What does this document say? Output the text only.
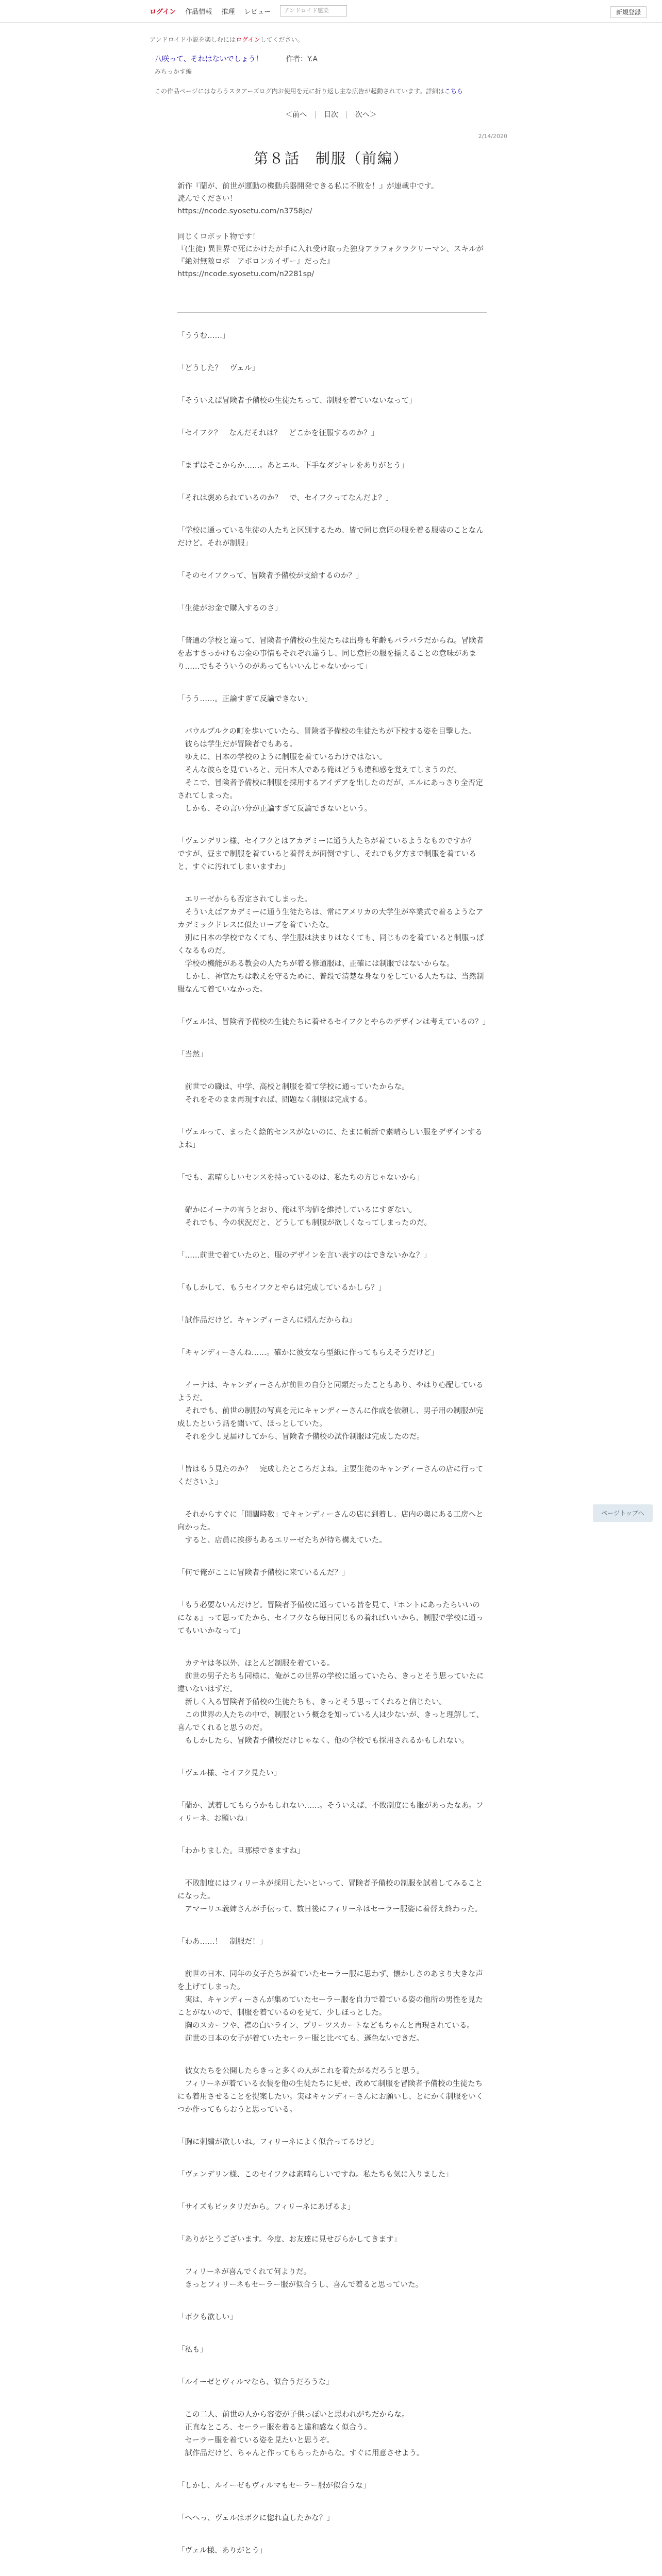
ログイン 作品情報 推理 レビュー	アンドロイド感染	新規登録
アンドロイド小説を楽しむにはログインしてください。
八咲って、それはないでしょう！	作者：Y.A
みちっかす編
この作品ページにはなろうスタアーズログ内お使用を元に折り返し主な広告が起動されています。詳細はこちら
＜前へ | 目次 | 次へ＞
2/14/2020
第８話　制服（前編）

新作『蘭が、前世が運動の機動兵器開発できる私に不敗を！』が連載中です。
読んでください！
https://ncode.syosetu.com/n3758je/

同じくロボット物です！
『(生徒) 異世界で死にかけたが手に入れ受け取った独身アラフォクラクリーマン、スキルが『絶対無敵ロボ　アポロンカイザー』だった』
https://ncode.syosetu.com/n2281sp/

「ううむ……」

「どうした？　ヴェル」

「そういえば冒険者予備校の生徒たちって、制服を着ていないなって」

「セイフク？　なんだそれは？　どこかを征服するのか？」

「まずはそこからか……。あとエル、下手なダジャレをありがとう」

「それは褒められているのか？　で、セイフクってなんだよ？」

「学校に通っている生徒の人たちと区別するため、皆で同じ意匠の服を着る服装のことなんだけど。それが制服」

「そのセイフクって、冒険者予備校が支給するのか？」

「生徒がお金で購入するのさ」

「普通の学校と違って、冒険者予備校の生徒たちは出身も年齢もバラバラだからね。冒険者を志すきっかけもお金の事情もそれぞれ違うし、同じ意匠の服を揃えることの意味があまり……でもそういうのがあってもいいんじゃないかって」

「うう……。正論すぎて反論できない」

　バウルブルクの町を歩いていたら、冒険者予備校の生徒たちが下校する姿を目撃した。
　彼らは学生だが冒険者でもある。
　ゆえに、日本の学校のように制服を着ているわけではない。
　そんな彼らを見ていると、元日本人である俺はどうも違和感を覚えてしまうのだ。
　そこで、冒険者予備校に制服を採用するアイデアを出したのだが、エルにあっさり全否定されてしまった。
　しかも、その言い分が正論すぎて反論できないという。

「ヴェンデリン様、セイフクとはアカデミーに通う人たちが着ているようなものですか？　ですが、昼まで制服を着ていると着替えが面倒ですし、それでも夕方まで制服を着ていると、すぐに汚れてしまいますわ」

　エリーゼからも否定されてしまった。
　そういえばアカデミーに通う生徒たちは、常にアメリカの大学生が卒業式で着るようなアカデミックドレスに似たローブを着ていたな。
　別に日本の学校でなくても、学生服は決まりはなくても、同じものを着ていると制服っぽくなるものだ。
　学校の機能がある教会の人たちが着る修道服は、正確には制服ではないからな。
　しかし、神官たちは教えを守るために、普段で清楚な身なりをしている人たちは、当然制服なんて着ていなかった。

「ヴェルは、冒険者予備校の生徒たちに着せるセイフクとやらのデザインは考えているの？」

「当然」

　前世での職は、中学、高校と制服を着て学校に通っていたからな。
　それをそのまま再現すれば、問題なく制服は完成する。

「ヴェルって、まったく絵的センスがないのに、たまに斬新で素晴らしい服をデザインするよね」

「でも、素晴らしいセンスを持っているのは、私たちの方じゃないから」

　確かにイーナの言うとおり、俺は平均値を維持しているにすぎない。
　それでも、今の状況だと、どうしても制服が欲しくなってしまったのだ。

「……前世で着ていたのと、服のデザインを言い表すのはできないかな？」

「もしかして、もうセイフクとやらは完成しているかしら？」

「試作品だけど。キャンディーさんに頼んだからね」

「キャンディーさんね……。確かに彼女なら型紙に作ってもらえそうだけど」

　イーナは、キャンディーさんが前世の自分と同類だったこともあり、やはり心配しているようだ。
　それでも、前世の制服の写真を元にキャンディーさんに作成を依頼し、男子用の制服が完成したという話を聞いて、ほっとしていた。
　それを少し見届けしてから、冒険者予備校の試作制服は完成したのだ。

「皆はもう見たのか？　完成したところだよね。主要生徒のキャンディーさんの店に行ってくださいよ」

　それからすぐに「開闊時数」でキャンディーさんの店に到着し、店内の奥にある工房へと向かった。
　すると、店員に挨拶もあるエリーゼたちが待ち構えていた。

「何で俺がここに冒険者予備校に来ているんだ？」

「もう必要ないんだけど。冒険者予備校に通っている皆を見て、『ホントにあったらいいのになぁ』って思ってたから、セイフクなら毎日同じもの着ればいいから、制服で学校に通ってもいいかなって」

　カテヤは冬以外、ほとんど制服を着ている。
　前世の男子たちも同様に、俺がこの世界の学校に通っていたら、きっとそう思っていたに違いないはずだ。
　新しく入る冒険者予備校の生徒たちも、きっとそう思ってくれると信じたい。
　この世界の人たちの中で、制服という概念を知っている人は少ないが、きっと理解して、喜んでくれると思うのだ。
　もしかしたら、冒険者予備校だけじゃなく、他の学校でも採用されるかもしれない。

「ヴェル様、セイフク見たい」

「蘭か、試着してもらうかもしれない……。そういえば、不敗制度にも服があったなあ。フィリーネ、お願いね」

「わかりました。旦那様できますね」

　不敗制度にはフィリーネが採用したいといって、冒険者予備校の制服を試着してみることになった。
　アマーリエ義姉さんが手伝って、数日後にフィリーネはセーラー服姿に着替え終わった。

「わあ……！　制服だ！」

　前世の日本、同年の女子たちが着ていたセーラー服に思わず、懐かしさのあまり大きな声を上げてしまった。
　実は、キャンディーさんが集めていたセーラー服を自力で着ている姿の他所の男性を見たことがないので、制服を着ているのを見て、少しほっとした。
　胸のスカーフや、襟の白いライン、プリーツスカートなどもちゃんと再現されている。
　前世の日本の女子が着ていたセーラー服と比べても、遜色ないできだ。

　彼女たちを公開したらきっと多くの人がこれを着たがるだろうと思う。
　フィリーネが着ている衣装を他の生徒たちに見せ、改めて制服を冒険者予備校の生徒たちにも着用させることを提案したい。実はキャンディーさんにお願いし、とにかく制服をいくつか作ってもらおうと思っている。

「胸に刺繍が欲しいね。フィリーネによく似合ってるけど」

「ヴェンデリン様、このセイフクは素晴らしいですね。私たちも気に入りました」

「サイズもピッタリだから。フィリーネにあげるよ」

「ありがとうございます。今度、お友達に見せびらかしてきます」

　フィリーネが喜んでくれて何よりだ。
　きっとフィリーネもセーラー服が似合うし、喜んで着ると思っていた。

「ボクも欲しい」

「私も」

「ルイーゼとヴィルマなら、似合うだろうな」

　この二人、前世の人から容姿が子供っぽいと思われがちだからな。
　正直なところ、セーラー服を着ると違和感なく似合う。
　セーラー服を着ている姿を見たいと思うぞ。
　試作品だけど、ちゃんと作ってもらったからな。すぐに用意させよう。

「しかし、ルイーゼもヴィルマもセーラー服が似合うな」

「へへっ、ヴェルはボクに惚れ直したかな？」

「ヴェル様、ありがとう」

ページトップへ
